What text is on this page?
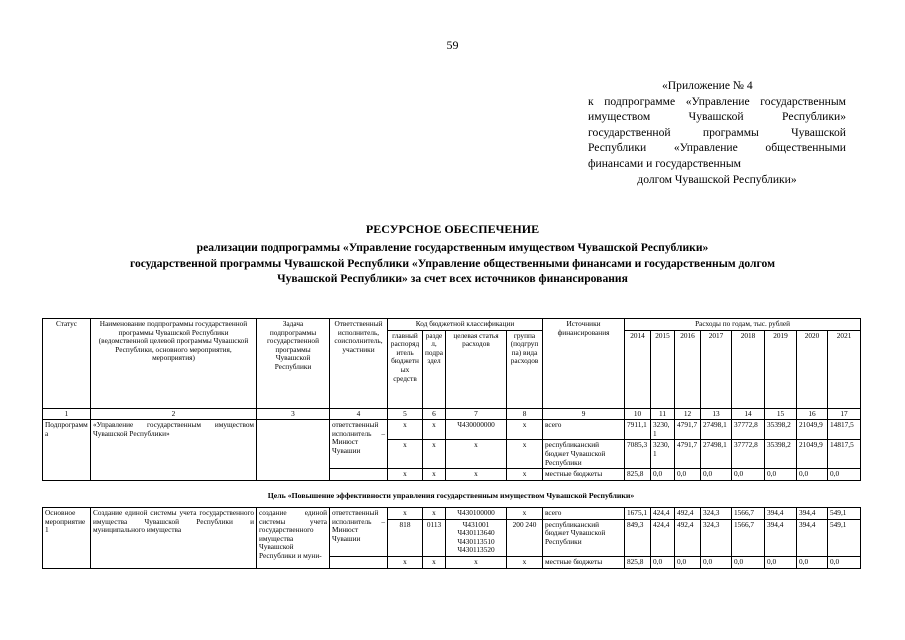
59
«Приложение № 4
к подпрограмме «Управление государственным имуществом Чувашской Республики» государственной программы Чувашской Республики «Управление общественными финансами и государственным
долгом Чувашской Республики»
РЕСУРСНОЕ ОБЕСПЕЧЕНИЕ
реализации подпрограммы «Управление государственным имуществом Чувашской Республики»
государственной программы Чувашской Республики «Управление общественными финансами и государственным долгом
Чувашской Республики» за счет всех источников финансирования
Статус	Наименование подпрограммы государственной программы Чувашской Республики (ведомственной целевой программы Чувашской Республики, основного мероприятия, мероприятия)	Задача подпрограммы государственной программы Чувашской Республики	Ответственный исполнитель, соисполнитель, участники	Код бюджетной классификации				Источники финансирования	Расходы по годам, тыс. рублей							
				главный распорядитель бюджетных средств	раздел, подраздел	целевая статья расходов	группа (подгруппа) вида расходов		2014	2015	2016	2017	2018	2019	2020	2021
1	2	3	4	5	6	7	8	9	10	11	12	13	14	15	16	17
Подпрограмма	«Управление государственным имуществом Чувашской Республики»		ответственный исполнитель – Минюст Чувашии	x	x	Ч430000000	x	всего	7911,1	3230,1	4791,7	27498,1	37772,8	35398,2	21049,9	14817,5
				x	x	x	x	республиканский бюджет Чувашской Республики	7085,3	3230,1	4791,7	27498,1	37772,8	35398,2	21049,9	14817,5
				x	x	x	x	местные бюджеты	825,8	0,0	0,0	0,0	0,0	0,0	0,0	0,0
Цель «Повышение эффективности управления государственным имуществом Чувашской Республики»
Основное мероприятие 1	Создание единой системы учета государственного имущества Чувашской Республики и муниципального имущества	создание единой системы учета государственного имущества Чувашской Республики и муни-	ответственный исполнитель – Минюст Чувашии	x	x	Ч430100000	x	всего	1675,1	424,4	492,4	324,3	1566,7	394,4	394,4	549,1
				818	0113	Ч431001 Ч430113640 Ч430113510 Ч430113520	200 240	республиканский бюджет Чувашской Республики	849,3	424,4	492,4	324,3	1566,7	394,4	394,4	549,1
				x	x	x	x	местные бюджеты	825,8	0,0	0,0	0,0	0,0	0,0	0,0	0,0
